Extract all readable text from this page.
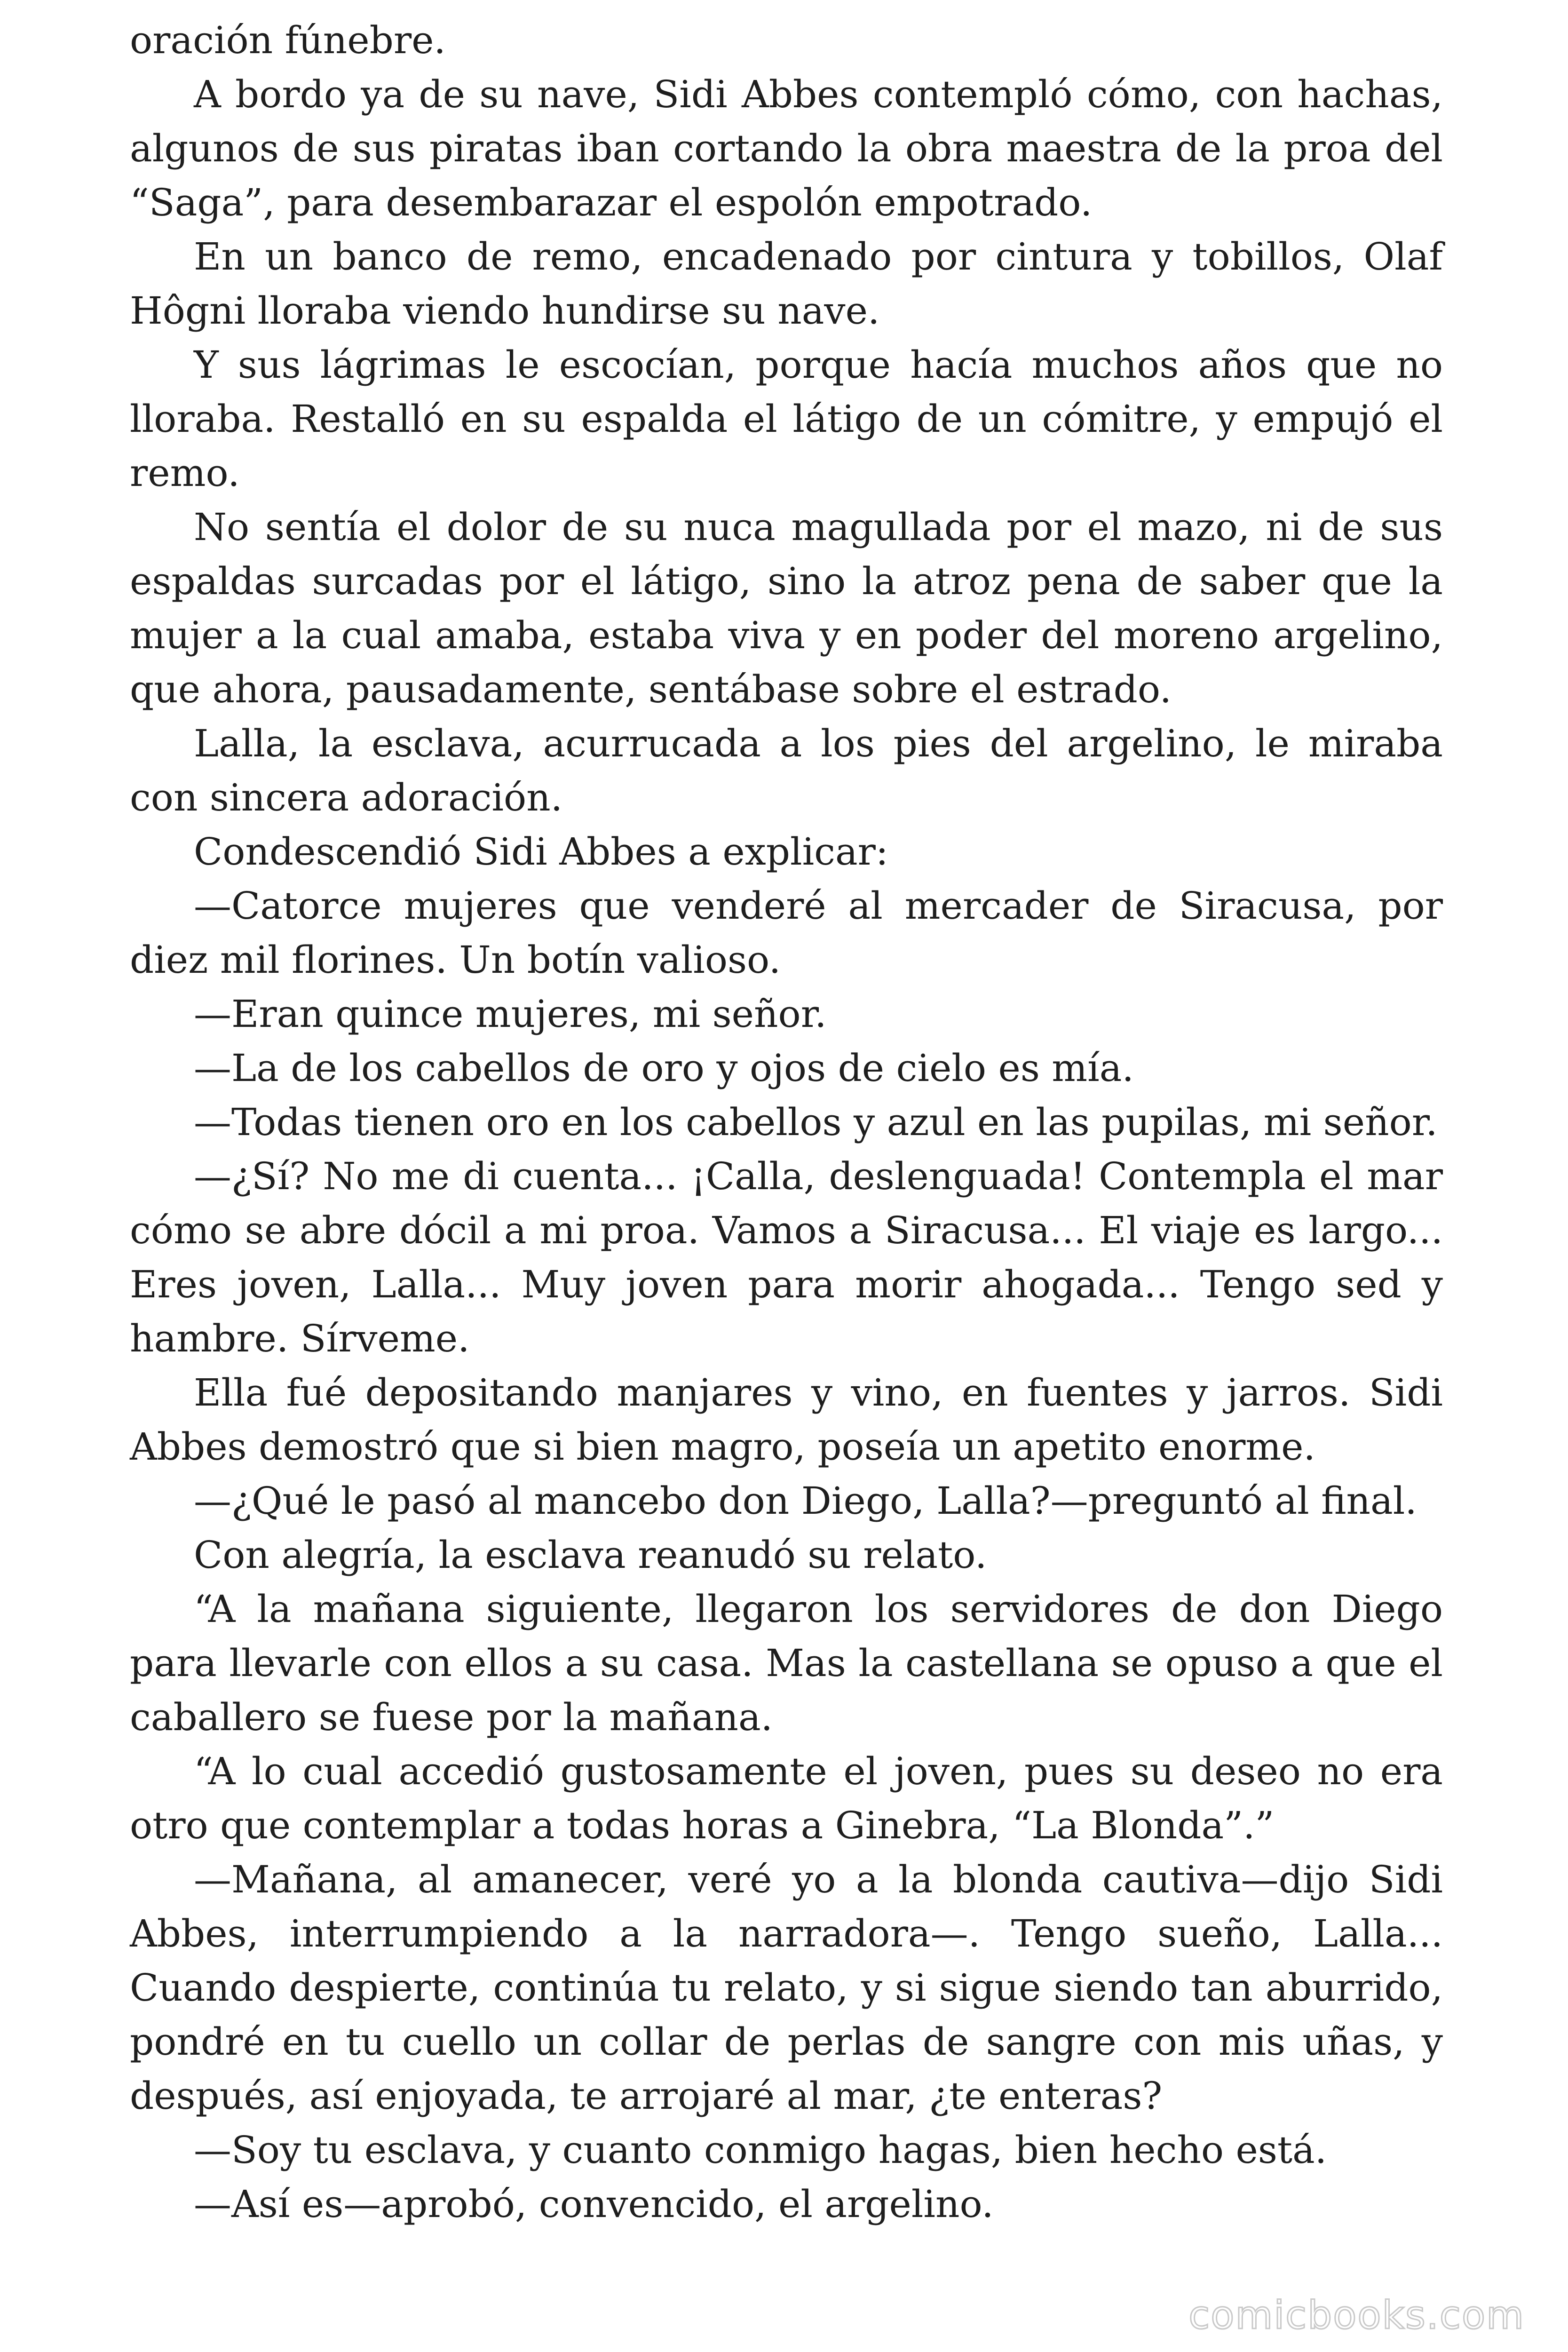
oración fúnebre.

A bordo ya de su nave, Sidi Abbes contempló cómo, con hachas, algunos de sus piratas iban cortando la obra maestra de la proa del “Saga”, para desembarazar el espolón empotrado.

En un banco de remo, encadenado por cintura y tobillos, Olaf Hôgni lloraba viendo hundirse su nave.

Y sus lágrimas le escocían, porque hacía muchos años que no lloraba. Restalló en su espalda el látigo de un cómitre, y empujó el remo.

No sentía el dolor de su nuca magullada por el mazo, ni de sus espaldas surcadas por el látigo, sino la atroz pena de saber que la mujer a la cual amaba, estaba viva y en poder del moreno argelino, que ahora, pausadamente, sentábase sobre el estrado.

Lalla, la esclava, acurrucada a los pies del argelino, le miraba con sincera adoración.

Condescendió Sidi Abbes a explicar:

—Catorce mujeres que venderé al mercader de Siracusa, por diez mil florines. Un botín valioso.

—Eran quince mujeres, mi señor.

—La de los cabellos de oro y ojos de cielo es mía.

—Todas tienen oro en los cabellos y azul en las pupilas, mi señor.

—¿Sí? No me di cuenta... ¡Calla, deslenguada! Contempla el mar cómo se abre dócil a mi proa. Vamos a Siracusa... El viaje es largo... Eres joven, Lalla... Muy joven para morir ahogada... Tengo sed y hambre. Sírveme.

Ella fué depositando manjares y vino, en fuentes y jarros. Sidi Abbes demostró que si bien magro, poseía un apetito enorme.

—¿Qué le pasó al mancebo don Diego, Lalla?—preguntó al final.

Con alegría, la esclava reanudó su relato.

“A la mañana siguiente, llegaron los servidores de don Diego para llevarle con ellos a su casa. Mas la castellana se opuso a que el caballero se fuese por la mañana.

“A lo cual accedió gustosamente el joven, pues su deseo no era otro que contemplar a todas horas a Ginebra, “La Blonda”.”

—Mañana, al amanecer, veré yo a la blonda cautiva—dijo Sidi Abbes, interrumpiendo a la narradora—. Tengo sueño, Lalla... Cuando despierte, continúa tu relato, y si sigue siendo tan aburrido, pondré en tu cuello un collar de perlas de sangre con mis uñas, y después, así enjoyada, te arrojaré al mar, ¿te enteras?

—Soy tu esclava, y cuanto conmigo hagas, bien hecho está.

—Así es—aprobó, convencido, el argelino.

comicbooks.com
